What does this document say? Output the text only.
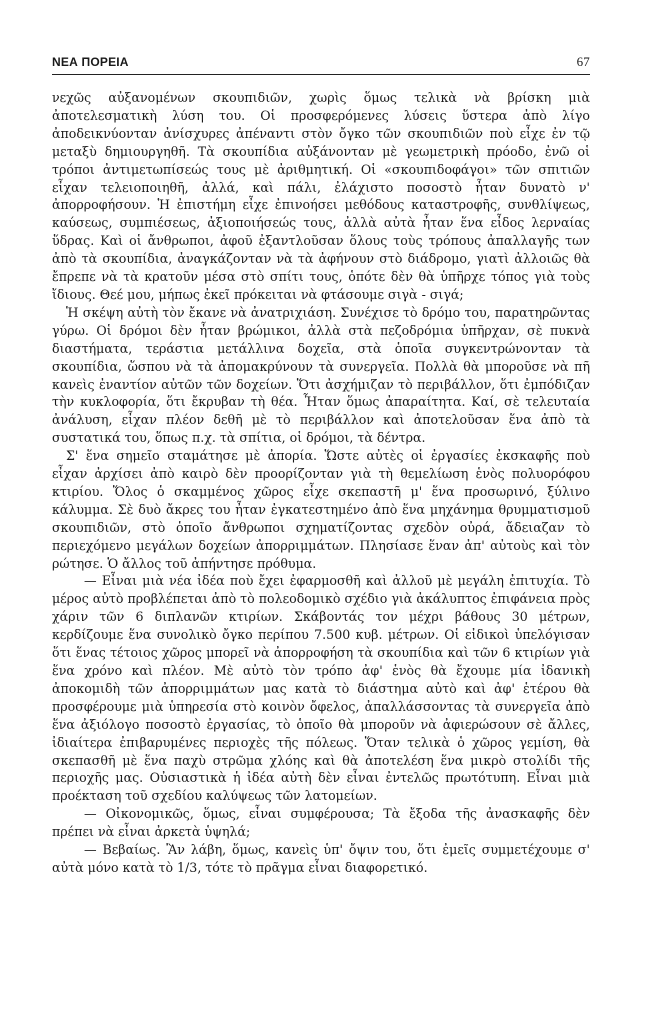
ΝΕΑ ΠΟΡΕΙΑ	67

νεχῶς αὐξανομένων σκουπιδιῶν, χωρὶς ὅμως τελικὰ νὰ βρίσκη μιὰ ἀποτελεσματικὴ λύση του. Οἱ προσφερόμενες λύσεις ὕστερα ἀπὸ λίγο ἀποδεικνύονταν ἀνίσχυρες ἀπέναντι στὸν ὄγκο τῶν σκουπιδιῶν ποὺ εἶχε ἐν τῷ μεταξὺ δημιουργηθῆ. Τὰ σκουπίδια αὐξάνονταν μὲ γεωμετρικὴ πρόοδο, ἐνῶ οἱ τρόποι ἀντιμετωπίσεώς τους μὲ ἀριθμητική. Οἱ «σκουπιδοφάγοι» τῶν σπιτιῶν εἶχαν τελειοποιηθῆ, ἀλλά, καὶ πάλι, ἐλάχιστο ποσοστὸ ἦταν δυνατὸ ν' ἀπορροφήσουν. Ἡ ἐπιστήμη εἶχε ἐπινοήσει μεθόδους καταστροφῆς, συνθλίψεως, καύσεως, συμπιέσεως, ἀξιοποιήσεώς τους, ἀλλὰ αὐτὰ ἦταν ἕνα εἶδος λερναίας ὕδρας. Καὶ οἱ ἄνθρωποι, ἀφοῦ ἐξαντλοῦσαν ὅλους τοὺς τρόπους ἀπαλλαγῆς των ἀπὸ τὰ σκουπίδια, ἀναγκάζονταν νὰ τὰ ἀφήνουν στὸ διάδρομο, γιατὶ ἀλλοιῶς θὰ ἔπρεπε νὰ τὰ κρατοῦν μέσα στὸ σπίτι τους, ὁπότε δὲν θὰ ὑπῆρχε τόπος γιὰ τοὺς ἴδιους. Θεέ μου, μήπως ἐκεῖ πρόκειται νὰ φτάσουμε σιγὰ - σιγά;

Ἡ σκέψη αὐτὴ τὸν ἔκανε νὰ ἀνατριχιάση. Συνέχισε τὸ δρόμο του, παρατηρῶντας γύρω. Οἱ δρόμοι δὲν ἦταν βρώμικοι, ἀλλὰ στὰ πεζοδρόμια ὑπῆρχαν, σὲ πυκνὰ διαστήματα, τεράστια μετάλλινα δοχεῖα, στὰ ὁποῖα συγκεντρώνονταν τὰ σκουπίδια, ὥσπου νὰ τὰ ἀπομακρύνουν τὰ συνεργεῖα. Πολλὰ θὰ μποροῦσε νὰ πῆ κανεὶς ἐναντίον αὐτῶν τῶν δοχείων. Ὅτι ἀσχήμιζαν τὸ περιβάλλον, ὅτι ἐμπόδιζαν τὴν κυκλοφορία, ὅτι ἔκρυβαν τὴ θέα. Ἦταν ὅμως ἀπαραίτητα. Καί, σὲ τελευταία ἀνάλυση, εἶχαν πλέον δεθῆ μὲ τὸ περιβάλλον καὶ ἀποτελοῦσαν ἕνα ἀπὸ τὰ συστατικά του, ὅπως π.χ. τὰ σπίτια, οἱ δρόμοι, τὰ δέντρα.

Σ' ἕνα σημεῖο σταμάτησε μὲ ἀπορία. Ὥστε αὐτὲς οἱ ἐργασίες ἐκσκαφῆς ποὺ εἶχαν ἀρχίσει ἀπὸ καιρὸ δὲν προορίζονταν γιὰ τὴ θεμελίωση ἑνὸς πολυορόφου κτιρίου. Ὅλος ὁ σκαμμένος χῶρος εἶχε σκεπαστῆ μ' ἕνα προσωρινό, ξύλινο κάλυμμα. Σὲ δυὸ ἄκρες του ἦταν ἐγκατεστημένο ἀπὸ ἕνα μηχάνημα θρυμματισμοῦ σκουπιδιῶν, στὸ ὁποῖο ἄνθρωποι σχηματίζοντας σχεδὸν οὐρά, ἄδειαζαν τὸ περιεχόμενο μεγάλων δοχείων ἀπορριμμάτων. Πλησίασε ἕναν ἀπ' αὐτοὺς καὶ τὸν ρώτησε. Ὁ ἄλλος τοῦ ἀπήντησε πρόθυμα.

— Εἶναι μιὰ νέα ἰδέα ποὺ ἔχει ἐφαρμοσθῆ καὶ ἀλλοῦ μὲ μεγάλη ἐπιτυχία. Τὸ μέρος αὐτὸ προβλέπεται ἀπὸ τὸ πολεοδομικὸ σχέδιο γιὰ ἀκάλυπτος ἐπιφάνεια πρὸς χάριν τῶν 6 διπλανῶν κτιρίων. Σκάβοντάς τον μέχρι βάθους 30 μέτρων, κερδίζουμε ἕνα συνολικὸ ὄγκο περίπου 7.500 κυβ. μέτρων. Οἱ εἰδικοὶ ὑπελόγισαν ὅτι ἕνας τέτοιος χῶρος μπορεῖ νὰ ἀπορροφήση τὰ σκουπίδια καὶ τῶν 6 κτιρίων γιὰ ἕνα χρόνο καὶ πλέον. Μὲ αὐτὸ τὸν τρόπο ἀφ' ἑνὸς θὰ ἔχουμε μία ἰδανικὴ ἀποκομιδὴ τῶν ἀπορριμμάτων μας κατὰ τὸ διάστημα αὐτὸ καὶ ἀφ' ἑτέρου θὰ προσφέρουμε μιὰ ὑπηρεσία στὸ κοινὸν ὄφελος, ἀπαλλάσσοντας τὰ συνεργεῖα ἀπὸ ἕνα ἀξιόλογο ποσοστὸ ἐργασίας, τὸ ὁποῖο θὰ μποροῦν νὰ ἀφιερώσουν σὲ ἄλλες, ἰδιαίτερα ἐπιβαρυμένες περιοχὲς τῆς πόλεως. Ὅταν τελικὰ ὁ χῶρος γεμίση, θὰ σκεπασθῆ μὲ ἕνα παχὺ στρῶμα χλόης καὶ θὰ ἀποτελέση ἕνα μικρὸ στολίδι τῆς περιοχῆς μας. Οὐσιαστικὰ ἡ ἰδέα αὐτὴ δὲν εἶναι ἐντελῶς πρωτότυπη. Εἶναι μιὰ προέκταση τοῦ σχεδίου καλύψεως τῶν λατομείων.

— Οἰκονομικῶς, ὅμως, εἶναι συμφέρουσα; Τὰ ἔξοδα τῆς ἀνασκαφῆς δὲν πρέπει νὰ εἶναι ἀρκετὰ ὑψηλά;

— Βεβαίως. Ἂν λάβη, ὅμως, κανεὶς ὑπ' ὄψιν του, ὅτι ἐμεῖς συμμετέχουμε σ' αὐτὰ μόνο κατὰ τὸ 1/3, τότε τὸ πρᾶγμα εἶναι διαφορετικό.
